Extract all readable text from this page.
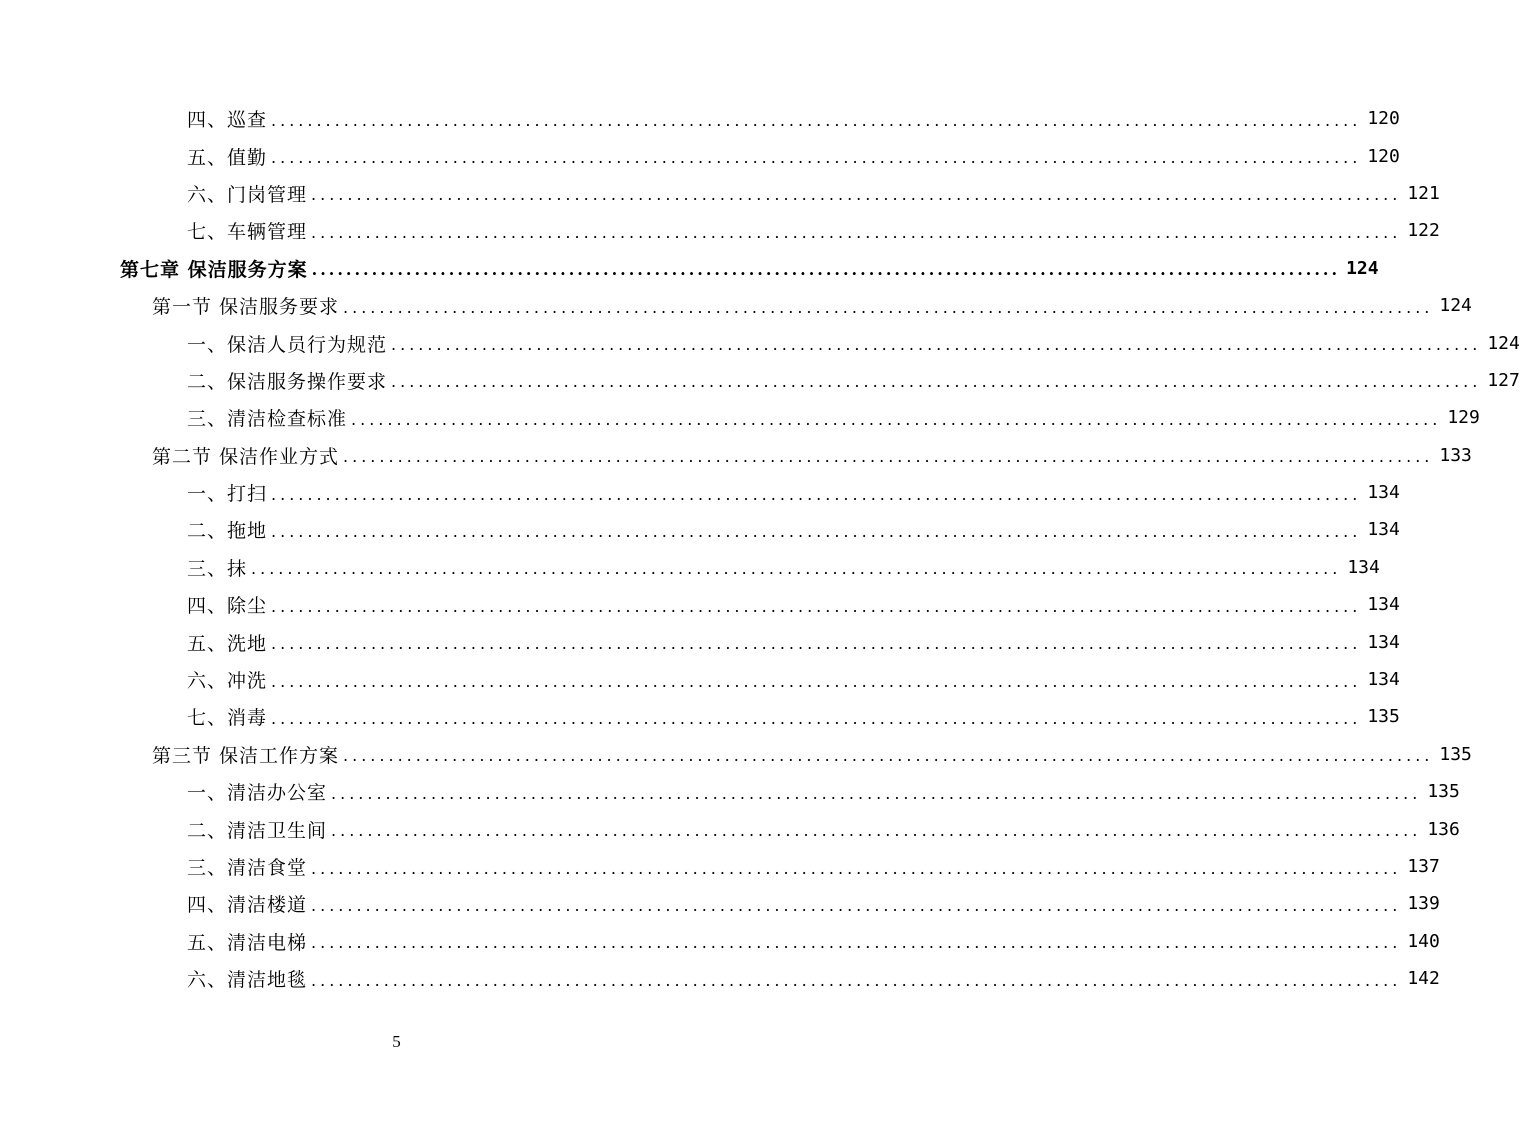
四、巡查 ........................................................................................................................ 120
五、值勤 ........................................................................................................................ 120
六、门岗管理 ........................................................................................................................ 121
七、车辆管理 ........................................................................................................................ 122
第七章 保洁服务方案 ........................................................................................................................ 124
第一节 保洁服务要求 ........................................................................................................................ 124
一、保洁人员行为规范 ........................................................................................................................ 124
二、保洁服务操作要求 ........................................................................................................................ 127
三、清洁检查标准 ........................................................................................................................ 129
第二节 保洁作业方式 ........................................................................................................................ 133
一、打扫 ........................................................................................................................ 134
二、拖地 ........................................................................................................................ 134
三、抹 ........................................................................................................................ 134
四、除尘 ........................................................................................................................ 134
五、洗地 ........................................................................................................................ 134
六、冲洗 ........................................................................................................................ 134
七、消毒 ........................................................................................................................ 135
第三节 保洁工作方案 ........................................................................................................................ 135
一、清洁办公室 ........................................................................................................................ 135
二、清洁卫生间 ........................................................................................................................ 136
三、清洁食堂 ........................................................................................................................ 137
四、清洁楼道 ........................................................................................................................ 139
五、清洁电梯 ........................................................................................................................ 140
六、清洁地毯 ........................................................................................................................ 142
5
